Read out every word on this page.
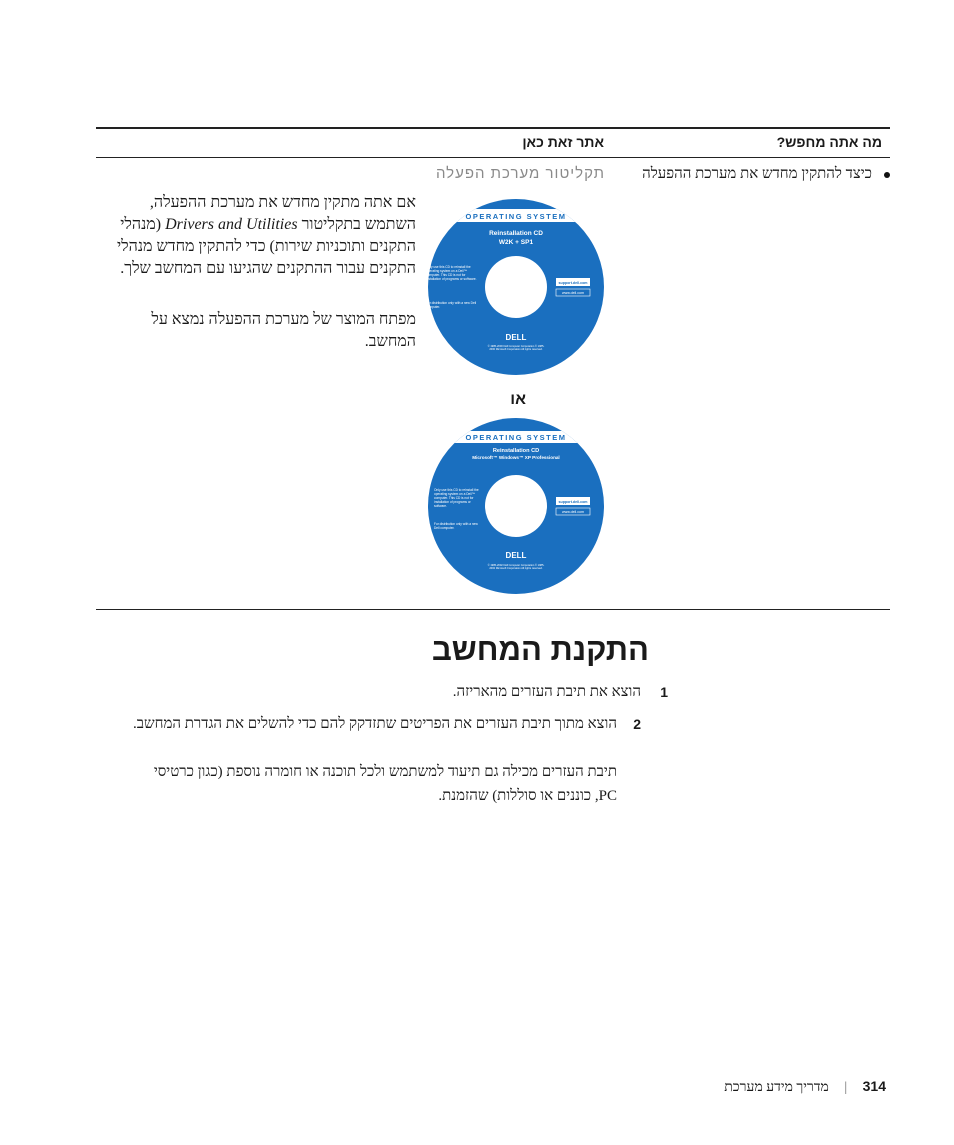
מה אתה מחפש?
אתר זאת כאן
כיצד להתקין מחדש את מערכת ההפעלה
תקליטור מערכת הפעלה
אם אתה מתקין מחדש את מערכת ההפעלה, השתמש בתקליטור Drivers and Utilities (מנהלי התקנים ותוכניות שירות) כדי להתקין מחדש מנהלי התקנים עבור ההתקנים שהגיעו עם המחשב שלך.
מפתח המוצר של מערכת ההפעלה נמצא על המחשב.
OPERATING SYSTEM
Reinstallation CD
W2K + SP1
Only use this CD to reinstall the operating system on a Dell™ computer. This CD is not for installation of programs or software.
For distribution only with a new Dell computer.
support.dell.com
www.dell.com
DELL
© 1985-2000 Dell Computer Corporation © 1985-2000 Microsoft Corporation All rights reserved.
או
OPERATING SYSTEM
Reinstallation CD
Microsoft™ Windows™ XP Professional
Only use this CD to reinstall the operating system on a Dell™ computer. This CD is not for installation of programs or software.
For distribution only with a new Dell computer.
support.dell.com
www.dell.com
DELL
© 1985-2002 Dell Computer Corporation © 1985-2002 Microsoft Corporation All rights reserved.
התקנת המחשב
1
הוצא את תיבת העזרים מהאריזה.
2
הוצא מתוך תיבת העזרים את הפריטים שתזדקק להם כדי להשלים את הגדרת המחשב.
תיבת העזרים מכילה גם תיעוד למשתמש ולכל תוכנה או חומרה נוספת (כגון כרטיסי PC, כוננים או סוללות) שהזמנת.
314 | מדריך מידע מערכת
